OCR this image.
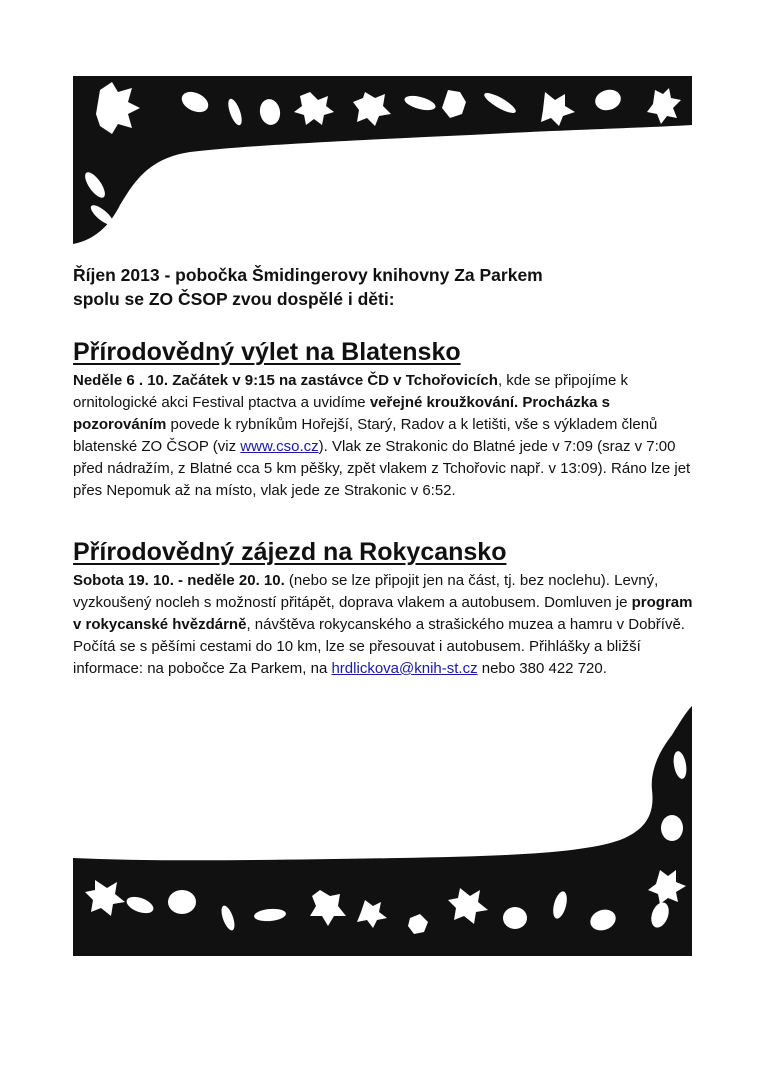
Říjen 2013 - pobočka Šmidingerovy knihovny Za Parkem
spolu se ZO ČSOP zvou dospělé i děti:
Přírodovědný výlet na Blatensko
Neděle 6 . 10. Začátek v 9:15 na zastávce ČD v Tchořovicích, kde se připojíme k ornitologické akci Festival ptactva a uvidíme veřejné kroužkování. Procházka s pozorováním povede k rybníkům Hořejší, Starý, Radov a k letišti, vše s výkladem členů blatenské ZO ČSOP (viz www.cso.cz). Vlak ze Strakonic do Blatné jede v 7:09 (sraz v 7:00 před nádražím, z Blatné cca 5 km pěšky, zpět vlakem z Tchořovic např. v 13:09). Ráno lze jet přes Nepomuk až na místo, vlak jede ze Strakonic v 6:52.
Přírodovědný zájezd na Rokycansko
Sobota 19. 10. - neděle 20. 10. (nebo se lze připojit jen na část, tj. bez noclehu). Levný, vyzkoušený nocleh s možností přitápět, doprava vlakem a autobusem. Domluven je program v rokycanské hvězdárně, návštěva rokycanského a strašického muzea a hamru v Dobřívě. Počítá se s pěšími cestami do 10 km, lze se přesouvat i autobusem. Přihlášky a bližší informace: na pobočce Za Parkem, na hrdlickova@knih-st.cz nebo 380 422 720.
